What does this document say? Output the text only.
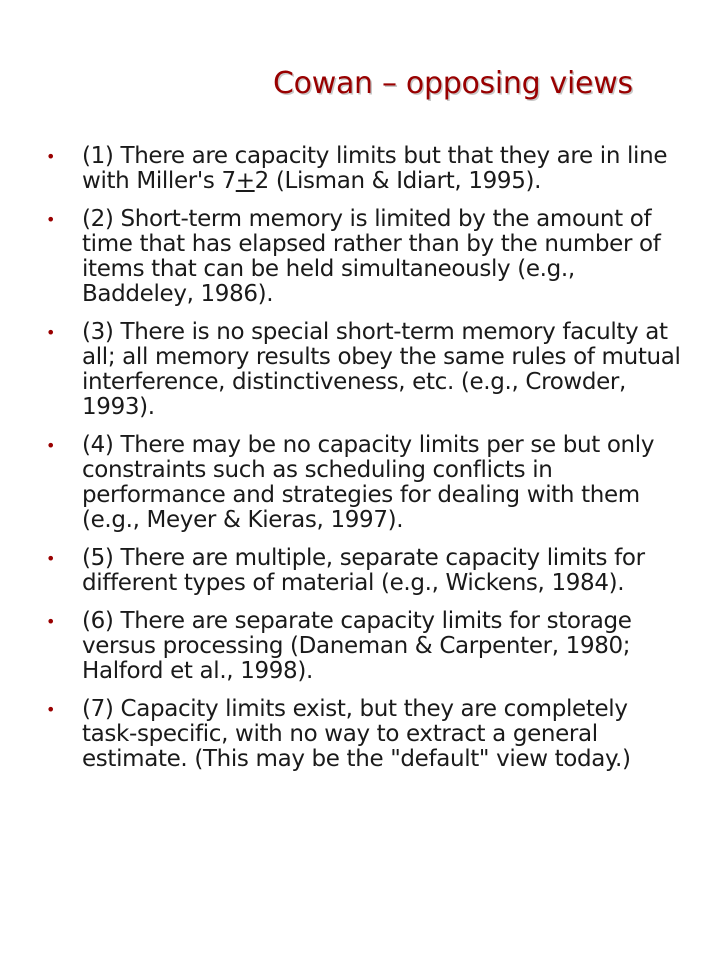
Cowan – opposing views
• (1) There are capacity limits but that they are in line with Miller's 7+2 (Lisman & Idiart, 1995).
• (2) Short-term memory is limited by the amount of time that has elapsed rather than by the number of items that can be held simultaneously (e.g., Baddeley, 1986).
• (3) There is no special short-term memory faculty at all; all memory results obey the same rules of mutual interference, distinctiveness, etc. (e.g., Crowder, 1993).
• (4) There may be no capacity limits per se but only constraints such as scheduling conflicts in performance and strategies for dealing with them (e.g., Meyer & Kieras, 1997).
• (5) There are multiple, separate capacity limits for different types of material (e.g., Wickens, 1984).
• (6) There are separate capacity limits for storage versus processing (Daneman & Carpenter, 1980; Halford et al., 1998).
• (7) Capacity limits exist, but they are completely task-specific, with no way to extract a general estimate. (This may be the "default" view today.)
